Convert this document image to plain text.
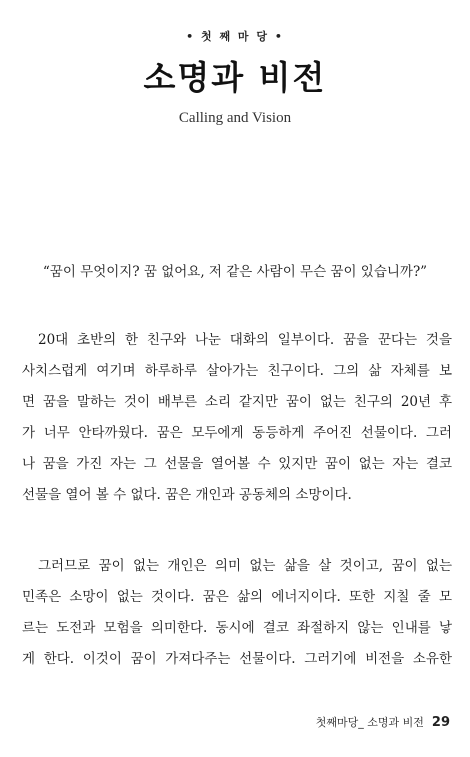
• 첫 째 마 당 •
소명과 비전
Calling and Vision
“꿈이 무엇이지? 꿈 없어요, 저 같은 사람이 무슨 꿈이 있습니까?”
20대 초반의 한 친구와 나눈 대화의 일부이다. 꿈을 꾼다는 것을
사치스럽게 여기며 하루하루 살아가는 친구이다. 그의 삶 자체를 보
면 꿈을 말하는 것이 배부른 소리 같지만 꿈이 없는 친구의 20년 후
가 너무 안타까웠다. 꿈은 모두에게 동등하게 주어진 선물이다. 그러
나 꿈을 가진 자는 그 선물을 열어볼 수 있지만 꿈이 없는 자는 결코
선물을 열어 볼 수 없다. 꿈은 개인과 공동체의 소망이다.
그러므로 꿈이 없는 개인은 의미 없는 삶을 살 것이고, 꿈이 없는
민족은 소망이 없는 것이다. 꿈은 삶의 에너지이다. 또한 지칠 줄 모
르는 도전과 모험을 의미한다. 동시에 결코 좌절하지 않는 인내를 낳
게 한다. 이것이 꿈이 가져다주는 선물이다. 그러기에 비전을 소유한
첫째마당_ 소명과 비전 29
